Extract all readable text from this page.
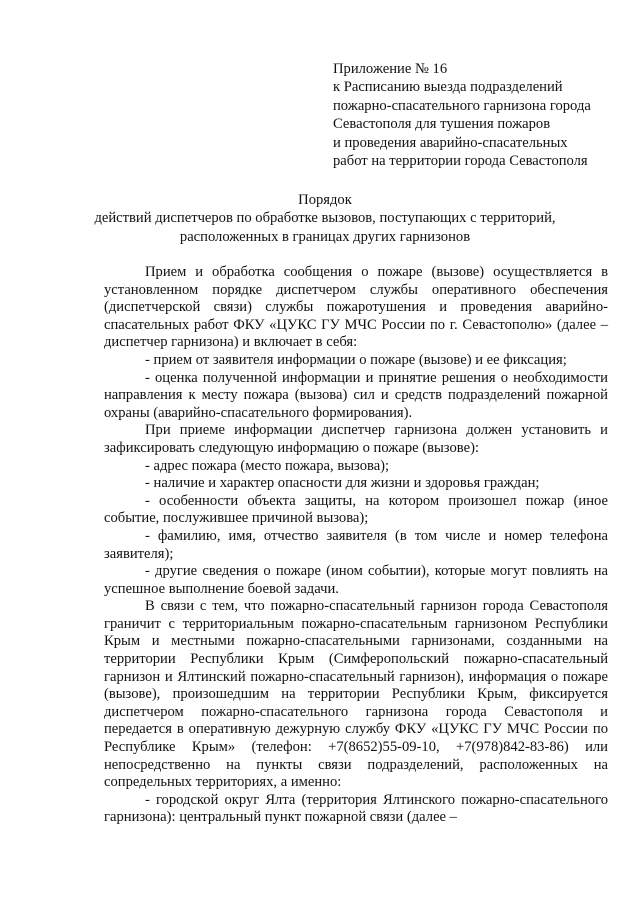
Приложение № 16
к Расписанию выезда подразделений
пожарно-спасательного гарнизона города
Севастополя для тушения пожаров
и проведения аварийно-спасательных
работ на территории города Севастополя
Порядок
действий диспетчеров по обработке вызовов, поступающих с территорий,
расположенных в границах других гарнизонов

Прием и обработка сообщения о пожаре (вызове) осуществляется в установленном порядке диспетчером службы оперативного обеспечения (диспетчерской связи) службы пожаротушения и проведения аварийно-спасательных работ ФКУ «ЦУКС ГУ МЧС России по г. Севастополю» (далее – диспетчер гарнизона) и включает в себя:

- прием от заявителя информации о пожаре (вызове) и ее фиксация;

- оценка полученной информации и принятие решения о необходимости направления к месту пожара (вызова) сил и средств подразделений пожарной охраны (аварийно-спасательного формирования).

При приеме информации диспетчер гарнизона должен установить и зафиксировать следующую информацию о пожаре (вызове):

- адрес пожара (место пожара, вызова);

- наличие и характер опасности для жизни и здоровья граждан;

- особенности объекта защиты, на котором произошел пожар (иное событие, послужившее причиной вызова);

- фамилию, имя, отчество заявителя (в том числе и номер телефона заявителя);

- другие сведения о пожаре (ином событии), которые могут повлиять на успешное выполнение боевой задачи.

В связи с тем, что пожарно-спасательный гарнизон города Севастополя граничит с территориальным пожарно-спасательным гарнизоном Республики Крым и местными пожарно-спасательными гарнизонами, созданными на территории Республики Крым (Симферопольский пожарно-спасательный гарнизон и Ялтинский пожарно-спасательный гарнизон), информация о пожаре (вызове), произошедшим на территории Республики Крым, фиксируется диспетчером пожарно-спасательного гарнизона города Севастополя и передается в оперативную дежурную службу ФКУ «ЦУКС ГУ МЧС России по Республике Крым» (телефон: +7(8652)55-09-10, +7(978)842-83-86) или непосредственно на пункты связи подразделений, расположенных на сопредельных территориях, а именно:

- городской округ Ялта (территория Ялтинского пожарно-спасательного гарнизона): центральный пункт пожарной связи (далее –
